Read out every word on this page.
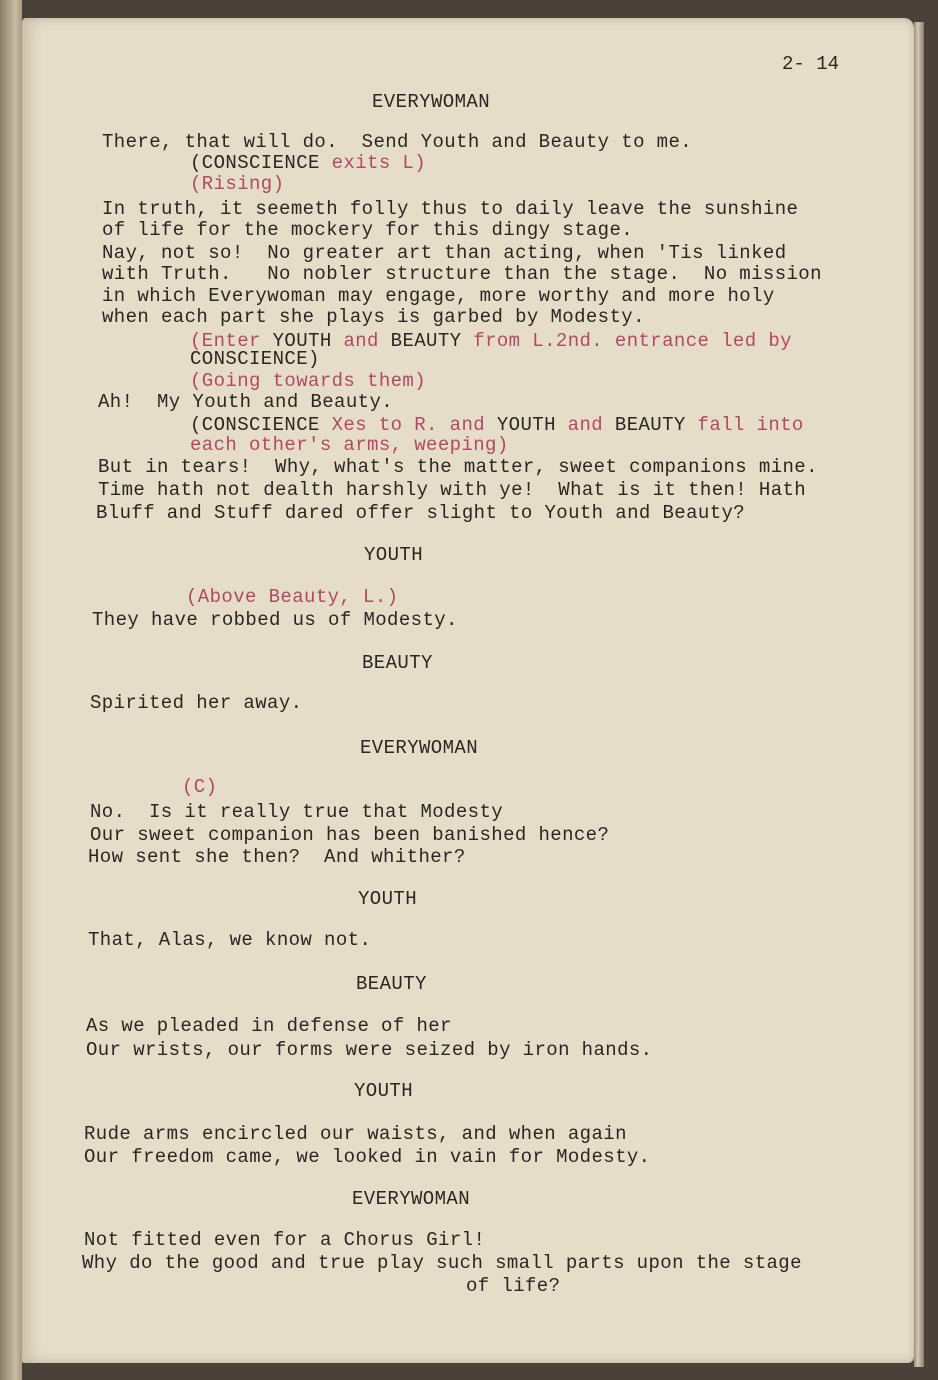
2- 14
EVERYWOMAN
There, that will do.  Send Youth and Beauty to me.
(CONSCIENCE exits L)
(Rising)
In truth, it seemeth folly thus to daily leave the sunshine
of life for the mockery for this dingy stage.
Nay, not so!  No greater art than acting, when 'Tis linked
with Truth.   No nobler structure than the stage.  No mission
in which Everywoman may engage, more worthy and more holy
when each part she plays is garbed by Modesty.
(Enter YOUTH and BEAUTY from L.2nd. entrance led by
CONSCIENCE)
(Going towards them)
Ah!  My Youth and Beauty.
(CONSCIENCE Xes to R. and YOUTH and BEAUTY fall into
each other's arms, weeping)
But in tears!  Why, what's the matter, sweet companions mine.
Time hath not dealth harshly with ye!  What is it then! Hath
Bluff and Stuff dared offer slight to Youth and Beauty?
YOUTH
(Above Beauty, L.)
They have robbed us of Modesty.
BEAUTY
Spirited her away.
EVERYWOMAN
(C)
No.  Is it really true that Modesty
Our sweet companion has been banished hence?
How sent she then?  And whither?
YOUTH
That, Alas, we know not.
BEAUTY
As we pleaded in defense of her
Our wrists, our forms were seized by iron hands.
YOUTH
Rude arms encircled our waists, and when again
Our freedom came, we looked in vain for Modesty.
EVERYWOMAN
Not fitted even for a Chorus Girl!
Why do the good and true play such small parts upon the stage
of life?
